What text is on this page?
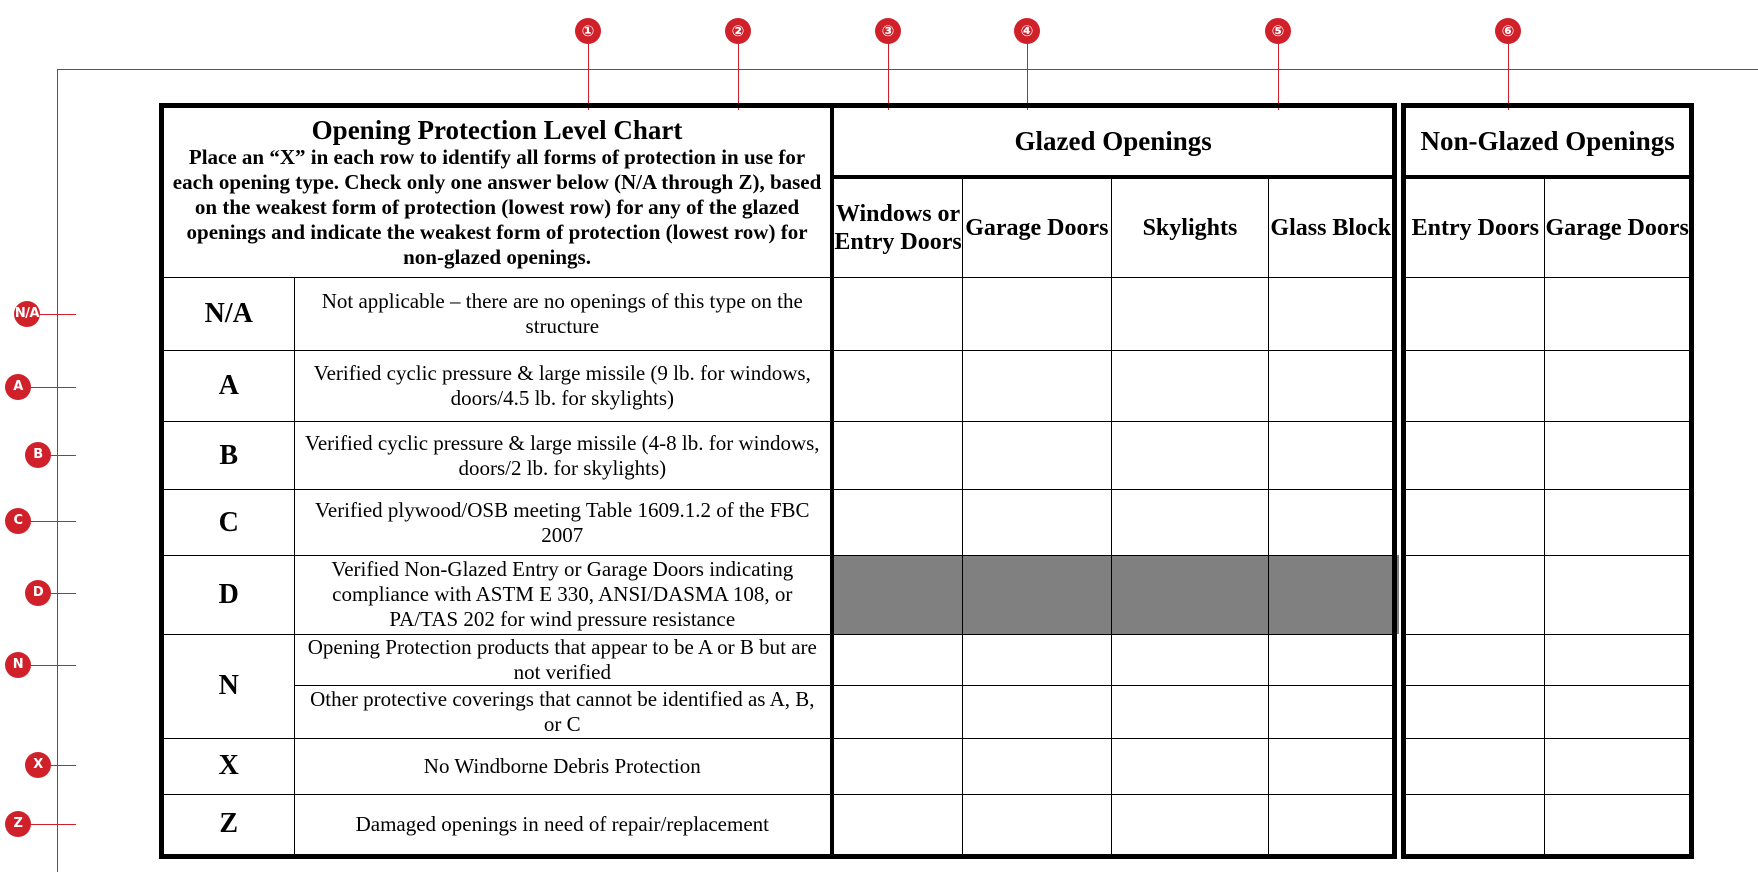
①	②	③	④	⑤	⑥
N/A
A
B
C
D
N
X
Z
Opening Protection Level Chart
Place an “X” in each row to identify all forms of protection in use for each opening type. Check only one answer below (N/A through Z), based on the weakest form of protection (lowest row) for any of the glazed openings and indicate the weakest form of protection (lowest row) for non-glazed openings.		Glazed Openings				Non-Glazed Openings	
		Windows or Entry Doors	Garage Doors	Skylights	Glass Block	Entry Doors	Garage Doors
N/A	Not applicable – there are no openings of this type on the structure						
A	Verified cyclic pressure & large missile (9 lb. for windows, doors/4.5 lb. for skylights)						
B	Verified cyclic pressure & large missile (4-8 lb. for windows, doors/2 lb. for skylights)						
C	Verified plywood/OSB meeting Table 1609.1.2 of the FBC 2007						
D	Verified Non-Glazed Entry or Garage Doors indicating compliance with ASTM E 330, ANSI/DASMA 108, or PA/TAS 202 for wind pressure resistance						
N	Opening Protection products that appear to be A or B but are not verified						
	Other protective coverings that cannot be identified as A, B, or C						
X	No Windborne Debris Protection						
Z	Damaged openings in need of repair/replacement						
